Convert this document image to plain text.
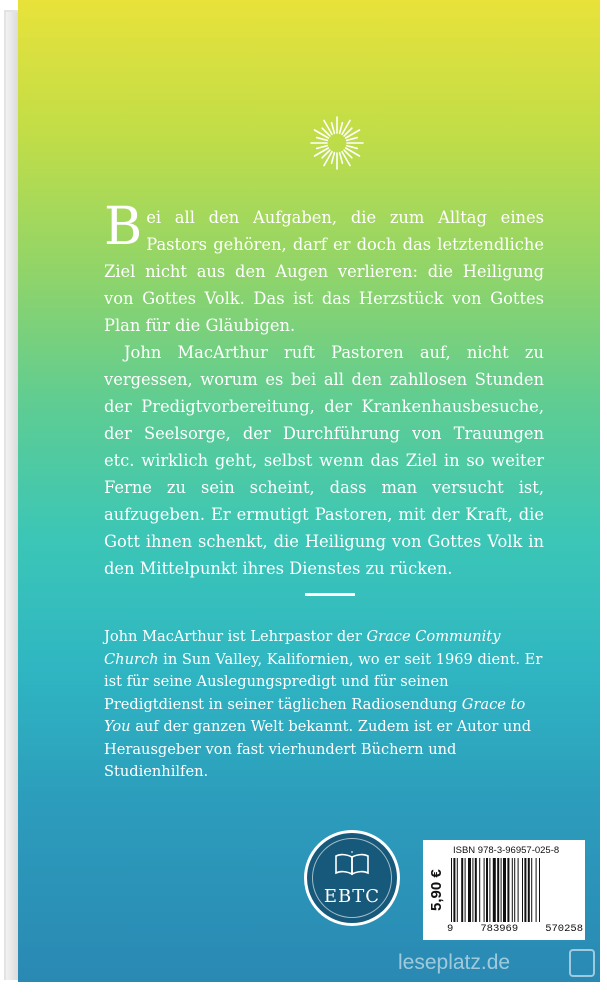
Bei all den Aufgaben, die zum Alltag eines Pastors gehören, darf er doch das letztendliche Ziel nicht aus den Augen verlieren: die Heiligung von Gottes Volk. Das ist das Herzstück von Gottes Plan für die Gläubigen.

John MacArthur ruft Pastoren auf, nicht zu vergessen, worum es bei all den zahllosen Stunden der Predigtvorbereitung, der Krankenhausbesuche, der Seelsorge, der Durchführung von Trauungen etc. wirklich geht, selbst wenn das Ziel in so weiter Ferne zu sein scheint, dass man versucht ist, aufzugeben. Er ermutigt Pastoren, mit der Kraft, die Gott ihnen schenkt, die Heiligung von Gottes Volk in den Mittelpunkt ihres Dienstes zu rücken.

John MacArthur ist Lehrpastor der Grace Community Church in Sun Valley, Kalifornien, wo er seit 1969 dient. Er ist für seine Auslegungspredigt und für seinen Predigtdienst in seiner täglichen Radiosendung Grace to You auf der ganzen Welt bekannt. Zudem ist er Autor und Herausgeber von fast vierhundert Büchern und Studienhilfen.

EBTC	5,90 €
ISBN 978-3-96957-025-8
9	783969	570258
leseplatz.de
